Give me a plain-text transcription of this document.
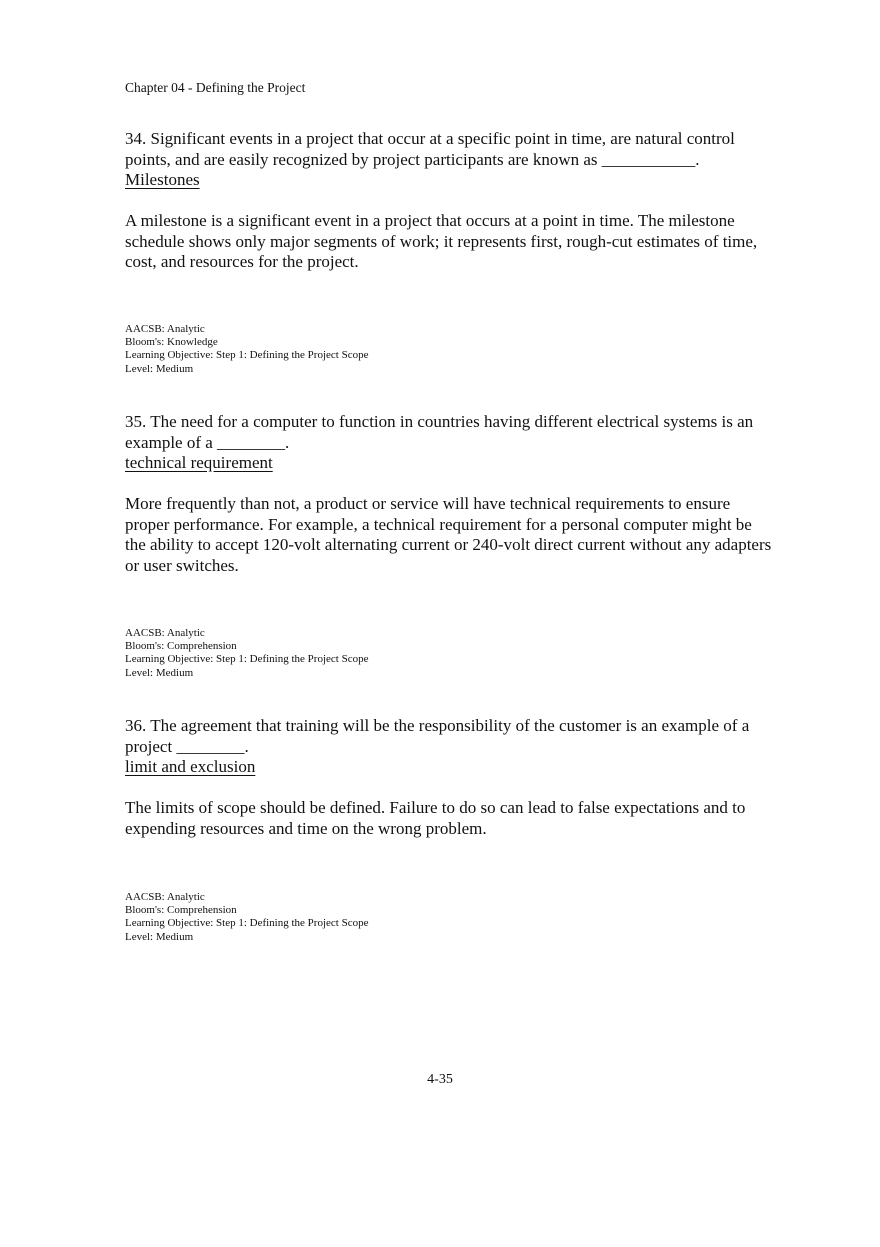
Chapter 04 - Defining the Project

34. Significant events in a project that occur at a specific point in time, are natural control points, and are easily recognized by project participants are known as ___________.

Milestones

A milestone is a significant event in a project that occurs at a point in time. The milestone schedule shows only major segments of work; it represents first, rough-cut estimates of time, cost, and resources for the project.

AACSB: Analytic
Bloom's: Knowledge
Learning Objective: Step 1: Defining the Project Scope
Level: Medium

35. The need for a computer to function in countries having different electrical systems is an example of a ________.

technical requirement

More frequently than not, a product or service will have technical requirements to ensure proper performance. For example, a technical requirement for a personal computer might be the ability to accept 120-volt alternating current or 240-volt direct current without any adapters or user switches.

AACSB: Analytic
Bloom's: Comprehension
Learning Objective: Step 1: Defining the Project Scope
Level: Medium

36. The agreement that training will be the responsibility of the customer is an example of a project ________.

limit and exclusion

The limits of scope should be defined. Failure to do so can lead to false expectations and to expending resources and time on the wrong problem.

AACSB: Analytic
Bloom's: Comprehension
Learning Objective: Step 1: Defining the Project Scope
Level: Medium
4-35
